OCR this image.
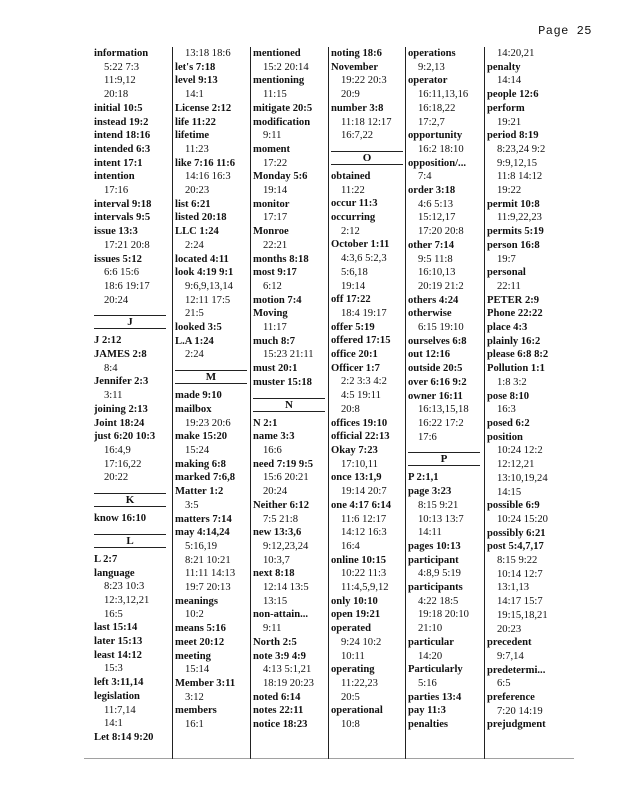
Page 25
information
5:22 7:3
11:9,12
20:18
initial 10:5
instead 19:2
intend 18:16
intended 6:3
intent 17:1
intention
17:16
interval 9:18
intervals 9:5
issue 13:3
17:21 20:8
issues 5:12
6:6 15:6
18:6 19:17
20:24
J
J 2:12
JAMES 2:8
8:4
Jennifer 2:3
3:11
joining 2:13
Joint 18:24
just 6:20 10:3
16:4,9
17:16,22
20:22
K
know 16:10
L
L 2:7
language
8:23 10:3
12:3,12,21
16:5
last 15:14
later 15:13
least 14:12
15:3
left 3:11,14
legislation
11:7,14
14:1
Let 8:14 9:20
13:18 18:6
let's 7:18
level 9:13
14:1
License 2:12
life 11:22
lifetime
11:23
like 7:16 11:6
14:16 16:3
20:23
list 6:21
listed 20:18
LLC 1:24
2:24
located 4:11
look 4:19 9:1
9:6,9,13,14
12:11 17:5
21:5
looked 3:5
L.A 1:24
2:24
M
made 9:10
mailbox
19:23 20:6
make 15:20
15:24
making 6:8
marked 7:6,8
Matter 1:2
3:5
matters 7:14
may 4:14,24
5:16,19
8:21 10:21
11:11 14:13
19:7 20:13
meanings
10:2
means 5:16
meet 20:12
meeting
15:14
Member 3:11
3:12
members
16:1
mentioned
15:2 20:14
mentioning
11:15
mitigate 20:5
modification
9:11
moment
17:22
Monday 5:6
19:14
monitor
17:17
Monroe
22:21
months 8:18
most 9:17
6:12
motion 7:4
Moving
11:17
much 8:7
15:23 21:11
must 20:1
muster 15:18
N
N 2:1
name 3:3
16:6
need 7:19 9:5
15:6 20:21
20:24
Neither 6:12
7:5 21:8
new 13:3,6
9:12,23,24
10:3,7
next 8:18
12:14 13:5
13:15
non-attain...
9:11
North 2:5
note 3:9 4:9
4:13 5:1,21
18:19 20:23
noted 6:14
notes 22:11
notice 18:23
noting 18:6
November
19:22 20:3
20:9
number 3:8
11:18 12:17
16:7,22
O
obtained
11:22
occur 11:3
occurring
2:12
October 1:11
4:3,6 5:2,3
5:6,18
19:14
off 17:22
18:4 19:17
offer 5:19
offered 17:15
office 20:1
Officer 1:7
2:2 3:3 4:2
4:5 19:11
20:8
offices 19:10
official 22:13
Okay 7:23
17:10,11
once 13:1,9
19:14 20:7
one 4:17 6:14
11:6 12:17
14:12 16:3
16:4
online 10:15
10:22 11:3
11:4,5,9,12
only 10:10
open 19:21
operated
9:24 10:2
10:11
operating
11:22,23
20:5
operational
10:8
operations
9:2,13
operator
16:11,13,16
16:18,22
17:2,7
opportunity
16:2 18:10
opposition/...
7:4
order 3:18
4:6 5:13
15:12,17
17:20 20:8
other 7:14
9:5 11:8
16:10,13
20:19 21:2
others 4:24
otherwise
6:15 19:10
ourselves 6:8
out 12:16
outside 20:5
over 6:16 9:2
owner 16:11
16:13,15,18
16:22 17:2
17:6
P
P 2:1,1
page 3:23
8:15 9:21
10:13 13:7
14:11
pages 10:13
participant
4:8,9 5:19
participants
4:22 18:5
19:18 20:10
21:10
particular
14:20
Particularly
5:16
parties 13:4
pay 11:3
penalties
14:20,21
penalty
14:14
people 12:6
perform
19:21
period 8:19
8:23,24 9:2
9:9,12,15
11:8 14:12
19:22
permit 10:8
11:9,22,23
permits 5:19
person 16:8
19:7
personal
22:11
PETER 2:9
Phone 22:22
place 4:3
plainly 16:2
please 6:8 8:2
Pollution 1:1
1:8 3:2
pose 8:10
16:3
posed 6:2
position
10:24 12:2
12:12,21
13:10,19,24
14:15
possible 6:9
10:24 15:20
possibly 6:21
post 5:4,7,17
8:15 9:22
10:14 12:7
13:1,13
14:17 15:7
19:15,18,21
20:23
precedent
9:7,14
predetermi...
6:5
preference
7:20 14:19
prejudgment
